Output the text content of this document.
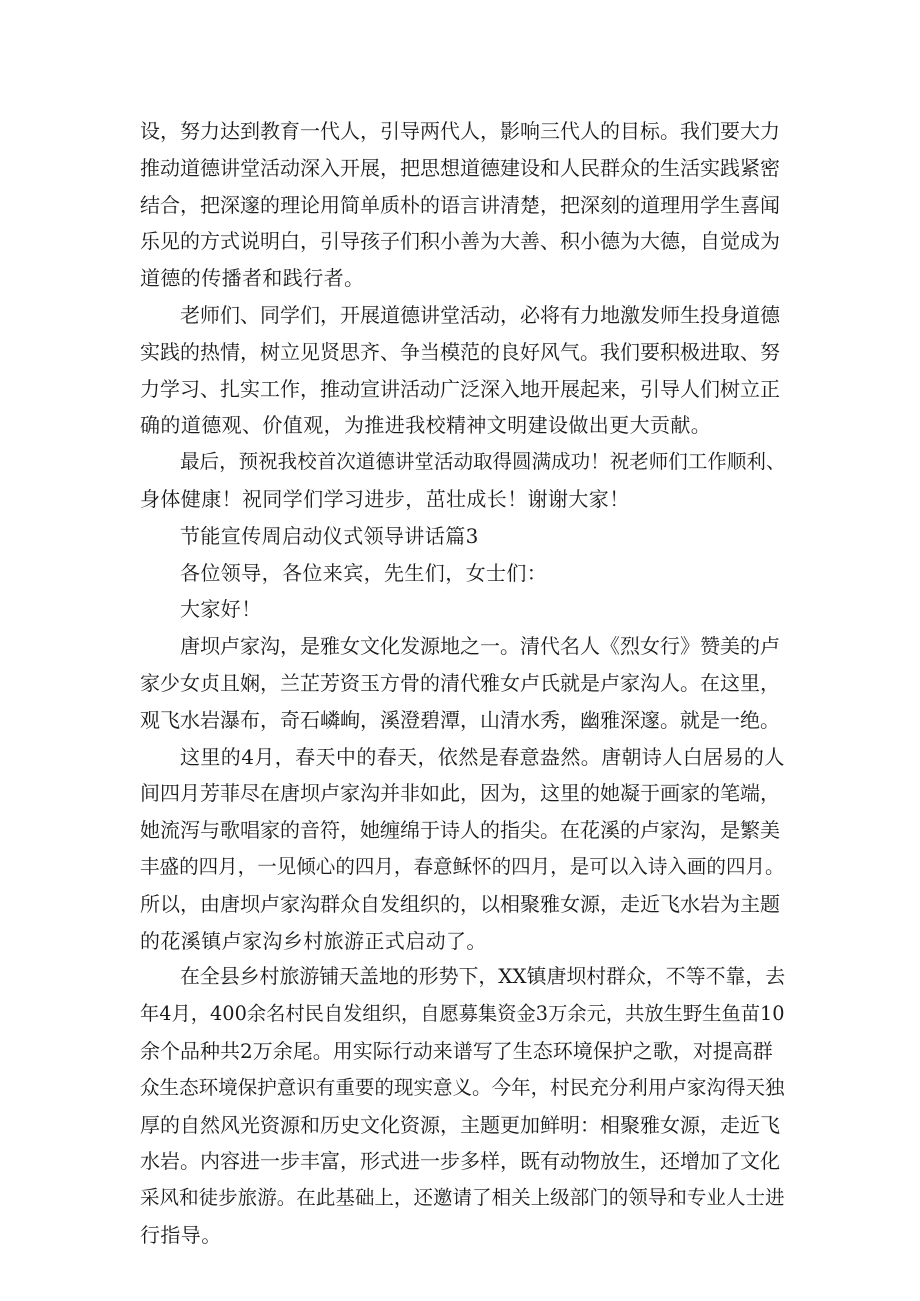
设，努力达到教育一代人，引导两代人，影响三代人的目标。我们要大力
推动道德讲堂活动深入开展，把思想道德建设和人民群众的生活实践紧密
结合，把深邃的理论用简单质朴的语言讲清楚，把深刻的道理用学生喜闻
乐见的方式说明白，引导孩子们积小善为大善、积小德为大德，自觉成为
道德的传播者和践行者。
老师们、同学们，开展道德讲堂活动，必将有力地激发师生投身道德
实践的热情，树立见贤思齐、争当模范的良好风气。我们要积极进取、努
力学习、扎实工作，推动宣讲活动广泛深入地开展起来，引导人们树立正
确的道德观、价值观，为推进我校精神文明建设做出更大贡献。
最后，预祝我校首次道德讲堂活动取得圆满成功！祝老师们工作顺利、
身体健康！祝同学们学习进步，茁壮成长！谢谢大家！
节能宣传周启动仪式领导讲话篇3
各位领导，各位来宾，先生们，女士们：
大家好！
唐坝卢家沟，是雅女文化发源地之一。清代名人《烈女行》赞美的卢
家少女贞且娴，兰芷芳资玉方骨的清代雅女卢氏就是卢家沟人。在这里，
观飞水岩瀑布，奇石嶙峋，溪澄碧潭，山清水秀，幽雅深邃。就是一绝。
这里的4月，春天中的春天，依然是春意盎然。唐朝诗人白居易的人
间四月芳菲尽在唐坝卢家沟并非如此，因为，这里的她凝于画家的笔端，
她流泻与歌唱家的音符，她缠绵于诗人的指尖。在花溪的卢家沟，是繁美
丰盛的四月，一见倾心的四月，春意稣怀的四月，是可以入诗入画的四月。
所以，由唐坝卢家沟群众自发组织的，以相聚雅女源，走近飞水岩为主题
的花溪镇卢家沟乡村旅游正式启动了。
在全县乡村旅游铺天盖地的形势下，XX镇唐坝村群众，不等不靠，去
年4月，400余名村民自发组织，自愿募集资金3万余元，共放生野生鱼苗10
余个品种共2万余尾。用实际行动来谱写了生态环境保护之歌，对提高群
众生态环境保护意识有重要的现实意义。今年，村民充分利用卢家沟得天独
厚的自然风光资源和历史文化资源，主题更加鲜明：相聚雅女源，走近飞
水岩。内容进一步丰富，形式进一步多样，既有动物放生，还增加了文化
采风和徒步旅游。在此基础上，还邀请了相关上级部门的领导和专业人士进
行指导。
